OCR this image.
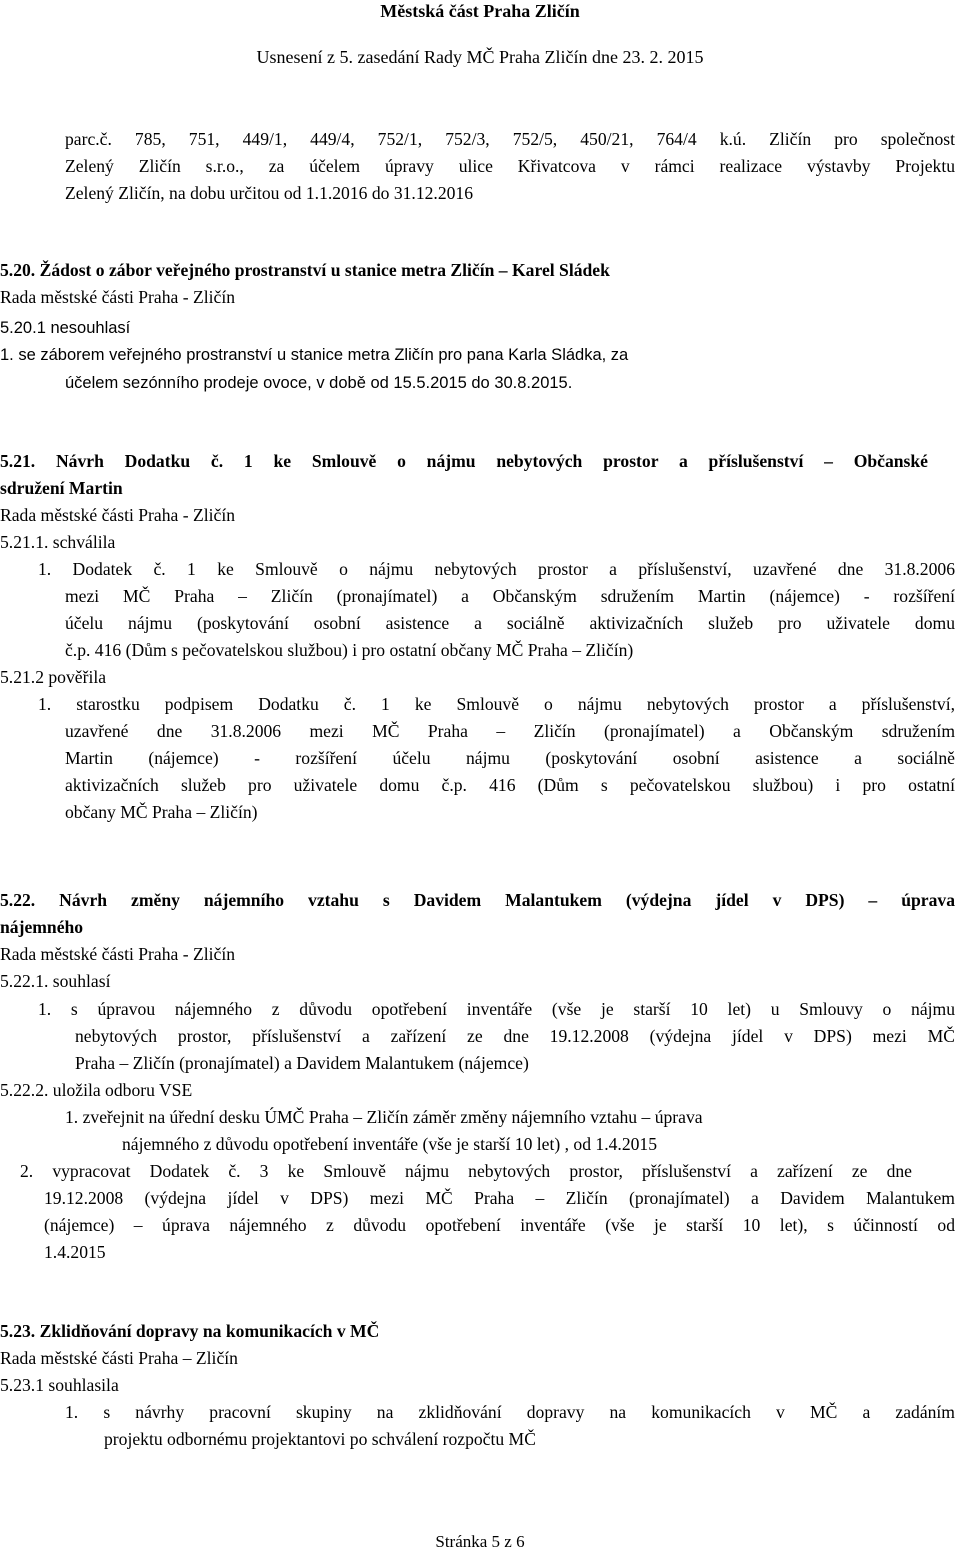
Městská část Praha Zličín
Usnesení z 5. zasedání Rady MČ Praha Zličín dne 23. 2. 2015
parc.č. 785, 751, 449/1, 449/4, 752/1, 752/3, 752/5, 450/21, 764/4 k.ú. Zličín pro společnost
Zelený Zličín s.r.o., za účelem úpravy ulice Křivatcova v rámci realizace výstavby Projektu
Zelený Zličín, na dobu určitou od 1.1.2016 do 31.12.2016
5.20. Žádost o zábor veřejného prostranství u stanice metra Zličín – Karel Sládek
Rada městské části Praha - Zličín
5.20.1 nesouhlasí
1. se záborem veřejného prostranství u stanice metra Zličín pro pana Karla Sládka, za
účelem sezónního prodeje ovoce, v době od 15.5.2015 do 30.8.2015.
5.21. Návrh Dodatku č. 1 ke Smlouvě o nájmu nebytových prostor a příslušenství – Občanské
sdružení Martin
Rada městské části Praha - Zličín
5.21.1. schválila
1. Dodatek č. 1 ke Smlouvě o nájmu nebytových prostor a příslušenství, uzavřené dne 31.8.2006
mezi MČ Praha – Zličín (pronajímatel) a Občanským sdružením Martin (nájemce) - rozšíření
účelu nájmu (poskytování osobní asistence a sociálně aktivizačních služeb pro uživatele domu
č.p. 416 (Dům s pečovatelskou službou) i pro ostatní občany MČ Praha – Zličín)
5.21.2 pověřila
1. starostku podpisem Dodatku č. 1 ke Smlouvě o nájmu nebytových prostor a příslušenství,
uzavřené dne 31.8.2006 mezi MČ Praha – Zličín (pronajímatel) a Občanským sdružením
Martin (nájemce) - rozšíření účelu nájmu (poskytování osobní asistence a sociálně
aktivizačních služeb pro uživatele domu č.p. 416 (Dům s pečovatelskou službou) i pro ostatní
občany MČ Praha – Zličín)
5.22. Návrh změny nájemního vztahu s Davidem Malantukem (výdejna jídel v DPS) – úprava
nájemného
Rada městské části Praha - Zličín
5.22.1. souhlasí
1. s úpravou nájemného z důvodu opotřebení inventáře (vše je starší 10 let) u Smlouvy o nájmu
nebytových prostor, příslušenství a zařízení ze dne 19.12.2008 (výdejna jídel v DPS) mezi MČ
Praha – Zličín (pronajímatel) a Davidem Malantukem (nájemce)
5.22.2. uložila odboru VSE
1. zveřejnit na úřední desku ÚMČ Praha – Zličín záměr změny nájemního vztahu – úprava
nájemného z důvodu opotřebení inventáře (vše je starší 10 let) , od 1.4.2015
2. vypracovat Dodatek č. 3 ke Smlouvě nájmu nebytových prostor, příslušenství a zařízení ze dne
19.12.2008 (výdejna jídel v DPS) mezi MČ Praha – Zličín (pronajímatel) a Davidem Malantukem
(nájemce) – úprava nájemného z důvodu opotřebení inventáře (vše je starší 10 let), s účinností od
1.4.2015
5.23. Zklidňování dopravy na komunikacích v MČ
Rada městské části Praha – Zličín
5.23.1 souhlasila
1. s návrhy pracovní skupiny na zklidňování dopravy na komunikacích v MČ a zadáním
projektu odbornému projektantovi po schválení rozpočtu MČ
Stránka 5 z 6
